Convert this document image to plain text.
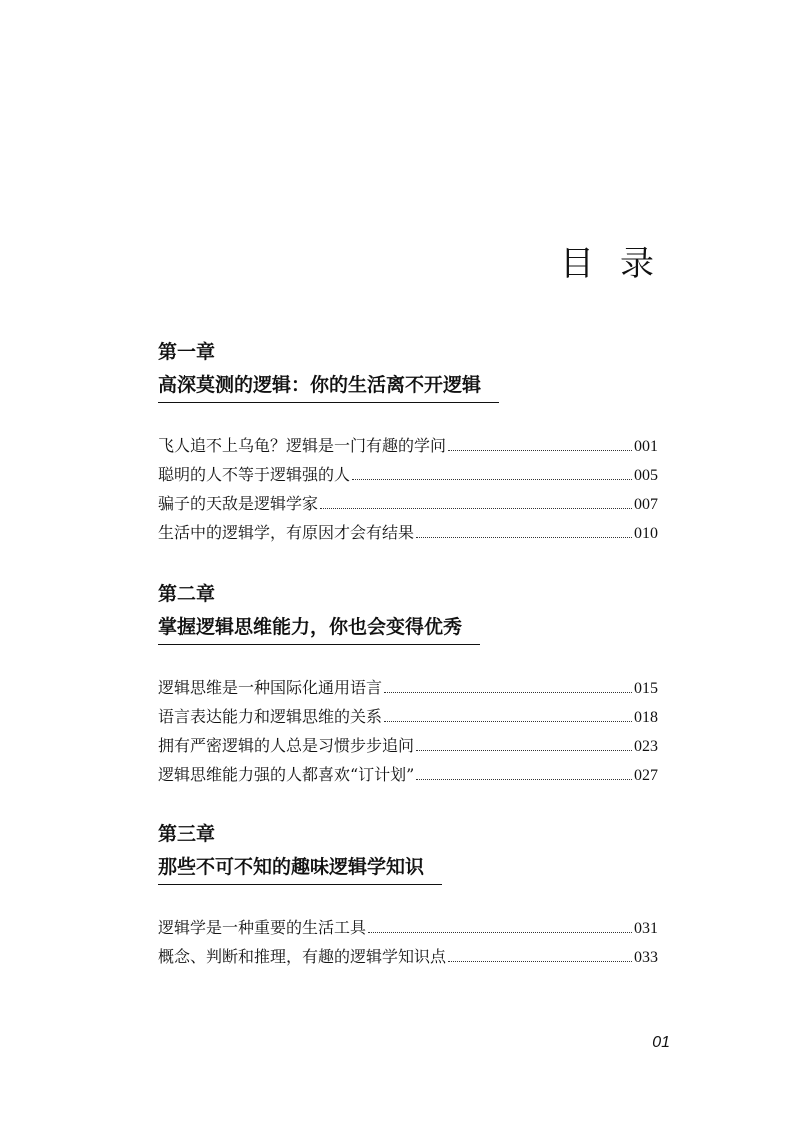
目录
第一章
高深莫测的逻辑：你的生活离不开逻辑
飞人追不上乌龟？逻辑是一门有趣的学问	001
聪明的人不等于逻辑强的人	005
骗子的天敌是逻辑学家	007
生活中的逻辑学，有原因才会有结果	010
第二章
掌握逻辑思维能力，你也会变得优秀
逻辑思维是一种国际化通用语言	015
语言表达能力和逻辑思维的关系	018
拥有严密逻辑的人总是习惯步步追问	023
逻辑思维能力强的人都喜欢“订计划”	027
第三章
那些不可不知的趣味逻辑学知识
逻辑学是一种重要的生活工具	031
概念、判断和推理，有趣的逻辑学知识点	033
01
